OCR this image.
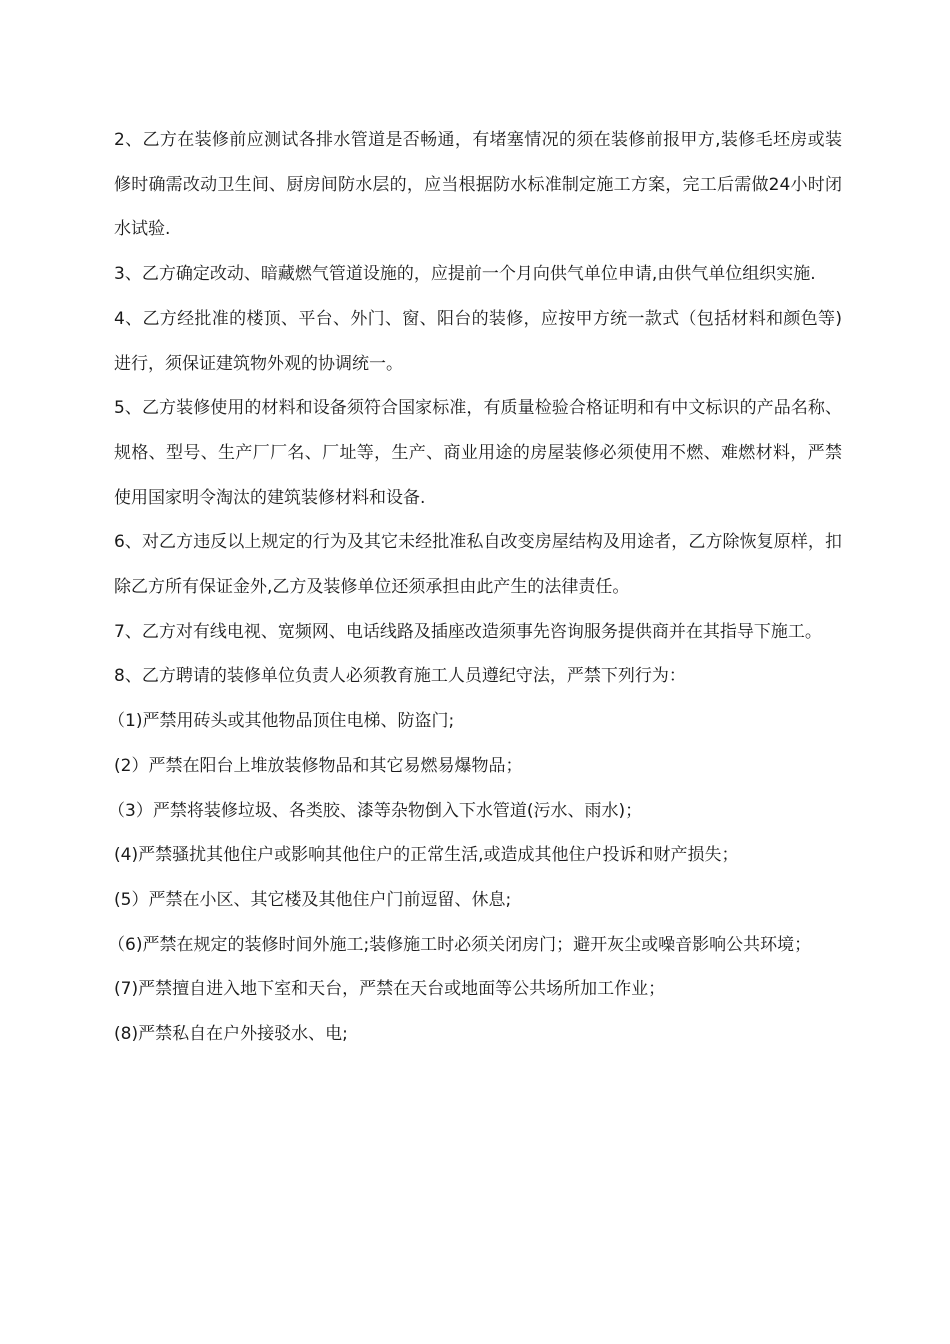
2、乙方在装修前应测试各排水管道是否畅通，有堵塞情况的须在装修前报甲方,装修毛坯房或装修时确需改动卫生间、厨房间防水层的，应当根据防水标准制定施工方案，完工后需做24小时闭水试验.

3、乙方确定改动、暗藏燃气管道设施的，应提前一个月向供气单位申请,由供气单位组织实施.

4、乙方经批准的楼顶、平台、外门、窗、阳台的装修，应按甲方统一款式（包括材料和颜色等)进行，须保证建筑物外观的协调统一。

5、乙方装修使用的材料和设备须符合国家标准，有质量检验合格证明和有中文标识的产品名称、规格、型号、生产厂厂名、厂址等，生产、商业用途的房屋装修必须使用不燃、难燃材料，严禁使用国家明令淘汰的建筑装修材料和设备.

6、对乙方违反以上规定的行为及其它未经批准私自改变房屋结构及用途者，乙方除恢复原样，扣除乙方所有保证金外,乙方及装修单位还须承担由此产生的法律责任。

7、乙方对有线电视、宽频网、电话线路及插座改造须事先咨询服务提供商并在其指导下施工。

8、乙方聘请的装修单位负责人必须教育施工人员遵纪守法，严禁下列行为：

（1)严禁用砖头或其他物品顶住电梯、防盗门;

(2）严禁在阳台上堆放装修物品和其它易燃易爆物品；

（3）严禁将装修垃圾、各类胶、漆等杂物倒入下水管道(污水、雨水)；

(4)严禁骚扰其他住户或影响其他住户的正常生活,或造成其他住户投诉和财产损失；

(5）严禁在小区、其它楼及其他住户门前逗留、休息;

（6)严禁在规定的装修时间外施工;装修施工时必须关闭房门；避开灰尘或噪音影响公共环境；

(7)严禁擅自进入地下室和天台，严禁在天台或地面等公共场所加工作业；

(8)严禁私自在户外接驳水、电;
